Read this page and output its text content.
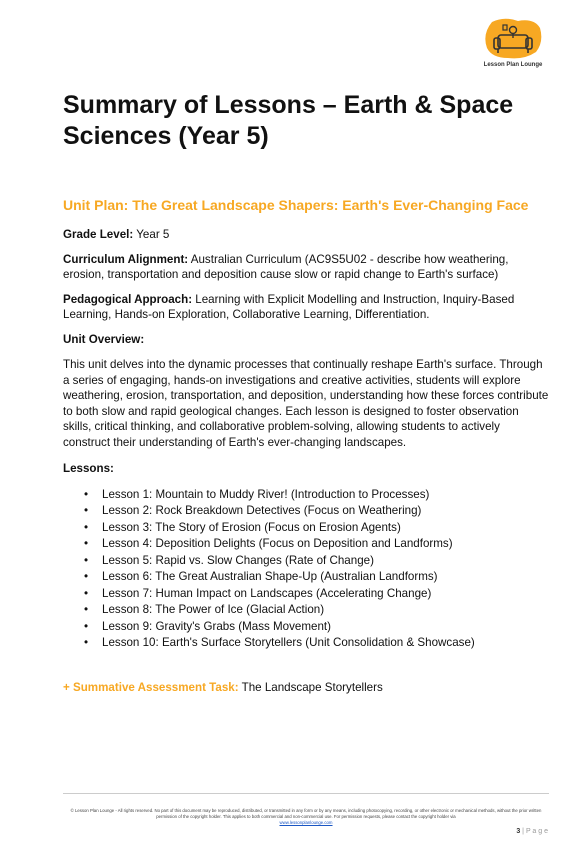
Lesson Plan Lounge
Summary of Lessons – Earth & Space Sciences (Year 5)
Unit Plan: The Great Landscape Shapers: Earth's Ever-Changing Face

Grade Level: Year 5

Curriculum Alignment: Australian Curriculum (AC9S5U02 - describe how weathering, erosion, transportation and deposition cause slow or rapid change to Earth's surface)

Pedagogical Approach: Learning with Explicit Modelling and Instruction, Inquiry-Based Learning, Hands-on Exploration, Collaborative Learning, Differentiation.

Unit Overview:

This unit delves into the dynamic processes that continually reshape Earth's surface. Through a series of engaging, hands-on investigations and creative activities, students will explore weathering, erosion, transportation, and deposition, understanding how these forces contribute to both slow and rapid geological changes. Each lesson is designed to foster observation skills, critical thinking, and collaborative problem-solving, allowing students to actively construct their understanding of Earth's ever-changing landscapes.

Lessons:

• Lesson 1: Mountain to Muddy River! (Introduction to Processes)
• Lesson 2: Rock Breakdown Detectives (Focus on Weathering)
• Lesson 3: The Story of Erosion (Focus on Erosion Agents)
• Lesson 4: Deposition Delights (Focus on Deposition and Landforms)
• Lesson 5: Rapid vs. Slow Changes (Rate of Change)
• Lesson 6: The Great Australian Shape-Up (Australian Landforms)
• Lesson 7: Human Impact on Landscapes (Accelerating Change)
• Lesson 8: The Power of Ice (Glacial Action)
• Lesson 9: Gravity's Grabs (Mass Movement)
• Lesson 10: Earth's Surface Storytellers (Unit Consolidation & Showcase)
+ Summative Assessment Task: The Landscape Storytellers
© Lesson Plan Lounge - All rights reserved. No part of this document may be reproduced, distributed, or transmitted in any form or by any means, including photocopying, recording, or other electronic or mechanical methods, without the prior written permission of the copyright holder. This applies to both commercial and non-commercial use. For permission requests, please contact the copyright holder via
www.lessonplanlounge.com
3 | P a g e
